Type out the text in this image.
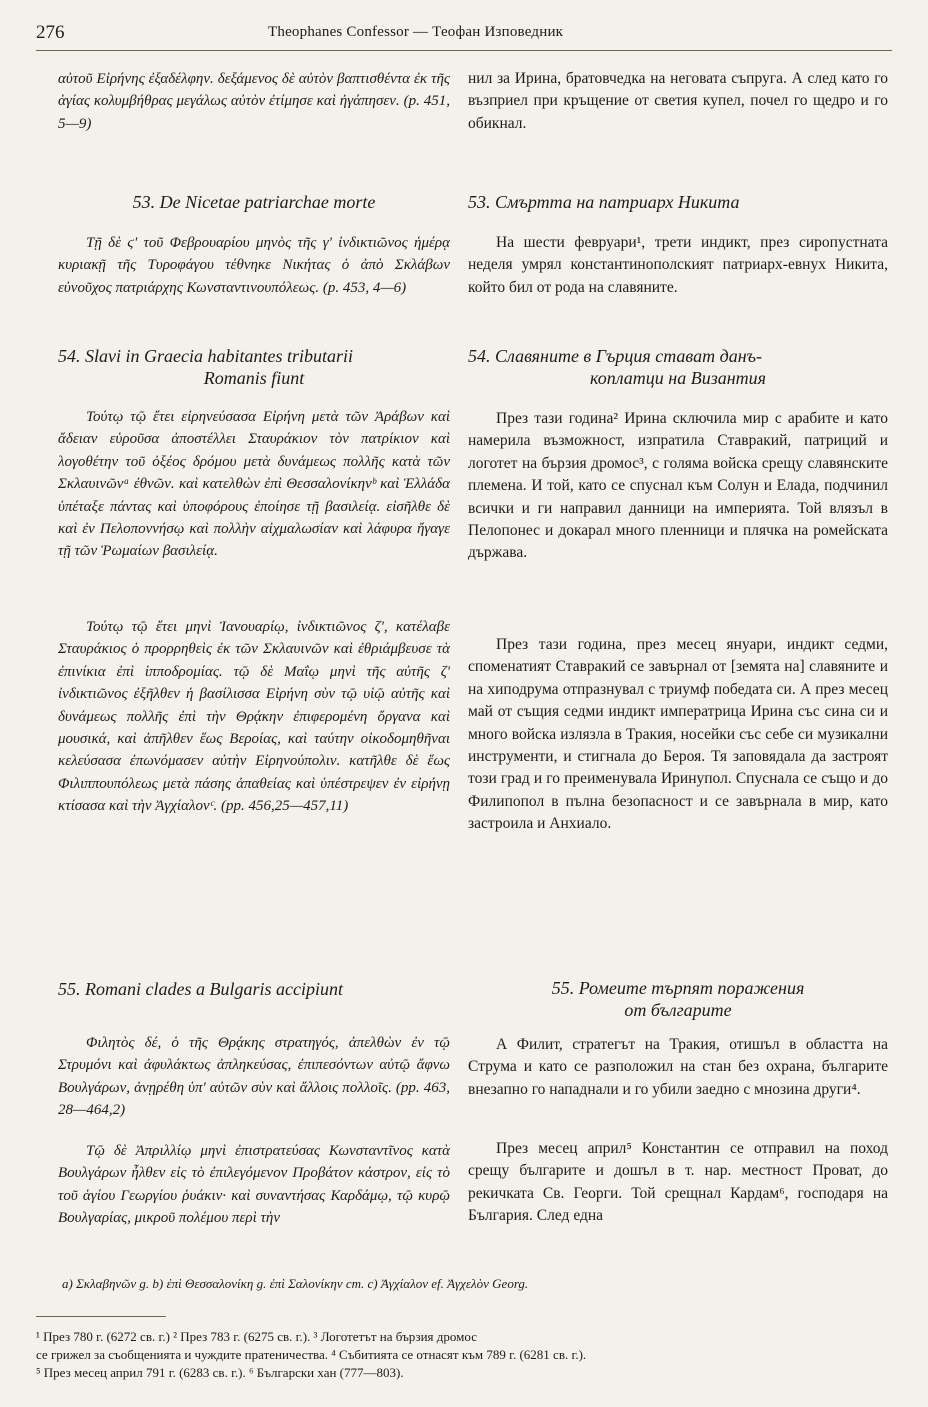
276	Theophanes Confessor — Теофан Изповедник

αὐτοῦ Εἰρήνης ἐξαδέλφην. δεξάμενος δὲ αὐτὸν βαπτισθέντα ἐκ τῆς ἁγίας κολυμβήθρας μεγάλως αὐτὸν ἐτίμησε καὶ ἠγάπησεν. (p. 451, 5—9)

53. De Nicetae patriarchae morte

Τῇ δὲ ϛʹ τοῦ Φεβρουαρίου μηνὸς τῆς γʹ ἰνδικτιῶνος ἡμέρᾳ κυριακῇ τῆς Τυροφάγου τέθνηκε Νικήτας ὁ ἀπὸ Σκλάβων εὐνοῦχος πατριάρχης Κωνσταντινουπόλεως. (p. 453, 4—6)

54. Slavi in Graecia habitantes tributarii

Romanis fiunt

Τούτῳ τῷ ἔτει εἰρηνεύσασα Εἰρήνη μετὰ τῶν Ἀράβων καὶ ἄδειαν εὑροῦσα ἀποστέλλει Σταυράκιον τὸν πατρίκιον καὶ λογοθέτην τοῦ ὀξέος δρόμου μετὰ δυνάμεως πολλῆς κατὰ τῶν Σκλαυινῶνᵃ ἐθνῶν. καὶ κατελθὼν ἐπὶ Θεσσαλονίκηνᵇ καὶ Ἑλλάδα ὑπέταξε πάντας καὶ ὑποφόρους ἐποίησε τῇ βασιλείᾳ. εἰσῆλθε δὲ καὶ ἐν Πελοποννήσῳ καὶ πολλὴν αἰχμαλωσίαν καὶ λάφυρα ἤγαγε τῇ τῶν Ῥωμαίων βασιλείᾳ.

Τούτῳ τῷ ἔτει μηνὶ Ἰανουαρίῳ, ἰνδικτιῶνος ζʹ, κατέλαβε Σταυράκιος ὁ προρρηθεὶς ἐκ τῶν Σκλαυινῶν καὶ ἐθριάμβευσε τὰ ἐπινίκια ἐπὶ ἱπποδρομίας. τῷ δὲ Μαΐῳ μηνὶ τῆς αὐτῆς ζʹ ἰνδικτιῶνος ἐξῆλθεν ἡ βασίλισσα Εἰρήνη σὺν τῷ υἱῷ αὐτῆς καὶ δυνάμεως πολλῆς ἐπὶ τὴν Θρᾴκην ἐπιφερομένη ὄργανα καὶ μουσικά, καὶ ἀπῆλθεν ἕως Βεροίας, καὶ ταύτην οἰκοδομηθῆναι κελεύσασα ἐπωνόμασεν αὐτὴν Εἰρηνούπολιν. κατῆλθε δὲ ἕως Φιλιππουπόλεως μετὰ πάσης ἀπαθείας καὶ ὑπέστρεψεν ἐν εἰρήνῃ κτίσασα καὶ τὴν Ἀγχίαλονᶜ. (pp. 456,25—457,11)

55. Romani clades a Bulgaris accipiunt

Φιλητὸς δέ, ὁ τῆς Θρᾴκης στρατηγός, ἀπελθὼν ἐν τῷ Στρυμόνι καὶ ἀφυλάκτως ἀπληκεύσας, ἐπιπεσόντων αὐτῷ ἄφνω Βουλγάρων, ἀνῃρέθη ὑπ' αὐτῶν σὺν καὶ ἄλλοις πολλοῖς. (pp. 463, 28—464,2)

Τῷ δὲ Ἀπριλλίῳ μηνὶ ἐπιστρατεύσας Κωνσταντῖνος κατὰ Βουλγάρων ἦλθεν εἰς τὸ ἐπιλεγόμενον Προβάτον κάστρον, εἰς τὸ τοῦ ἁγίου Γεωργίου ῥυάκιν· καὶ συναντήσας Καρδάμῳ, τῷ κυρῷ Βουλγαρίας, μικροῦ πολέμου περὶ τὴν

нил за Ирина, братовчедка на неговата съпруга. А след като го възприел при кръщение от светия купел, почел го щедро и го обикнал.

53. Смъртта на патриарх Никита

На шести февруари¹, трети индикт, през сиропустната неделя умрял константинополският патриарх-евнух Никита, който бил от рода на славяните.

54. Славяните в Гърция стават данъ-

коплатци на Византия

През тази година² Ирина сключила мир с арабите и като намерила възможност, изпратила Ставракий, патриций и логотет на бързия дромос³, с голяма войска срещу славянските племена. И той, като се спуснал към Солун и Елада, подчинил всички и ги направил данници на империята. Той влязъл в Пелопонес и докарал много пленници и плячка на ромейската държава.

През тази година, през месец януари, индикт седми, споменатият Ставракий се завърнал от [земята на] славяните и на хиподрума отпразнувал с триумф победата си. А през месец май от същия седми индикт императрица Ирина със сина си и много войска излязла в Тракия, носейки със себе си музикални инструменти, и стигнала до Бероя. Тя заповядала да застроят този град и го преименувала Иринупол. Спуснала се също и до Филипопол в пълна безопасност и се завърнала в мир, като застроила и Анхиало.

55. Ромеите търпят поражения

от българите

А Филит, стратегът на Тракия, отишъл в областта на Струма и като се разположил на стан без охрана, българите внезапно го нападнали и го убили заедно с мнозина други⁴.

През месец април⁵ Константин се отправил на поход срещу българите и дошъл в т. нар. местност Прoват, до рекичката Св. Георги. Той срещнал Кардам⁶, господаря на България. След една

a) Σκλαβηνῶν g. b) ἐπὶ Θεσσαλονίκη g. ἐπὶ Σαλονίκην cm. c) Ἀγχίαλον ef. Ἀγχελὸν Georg.
¹ През 780 г. (6272 св. г.) ² През 783 г. (6275 св. г.). ³ Логотетът на бързия дромос
се грижел за съобщенията и чуждите пратеничества. ⁴ Събитията се отнасят към 789 г. (6281 св. г.).
⁵ През месец април 791 г. (6283 св. г.). ⁶ Български хан (777—803).
